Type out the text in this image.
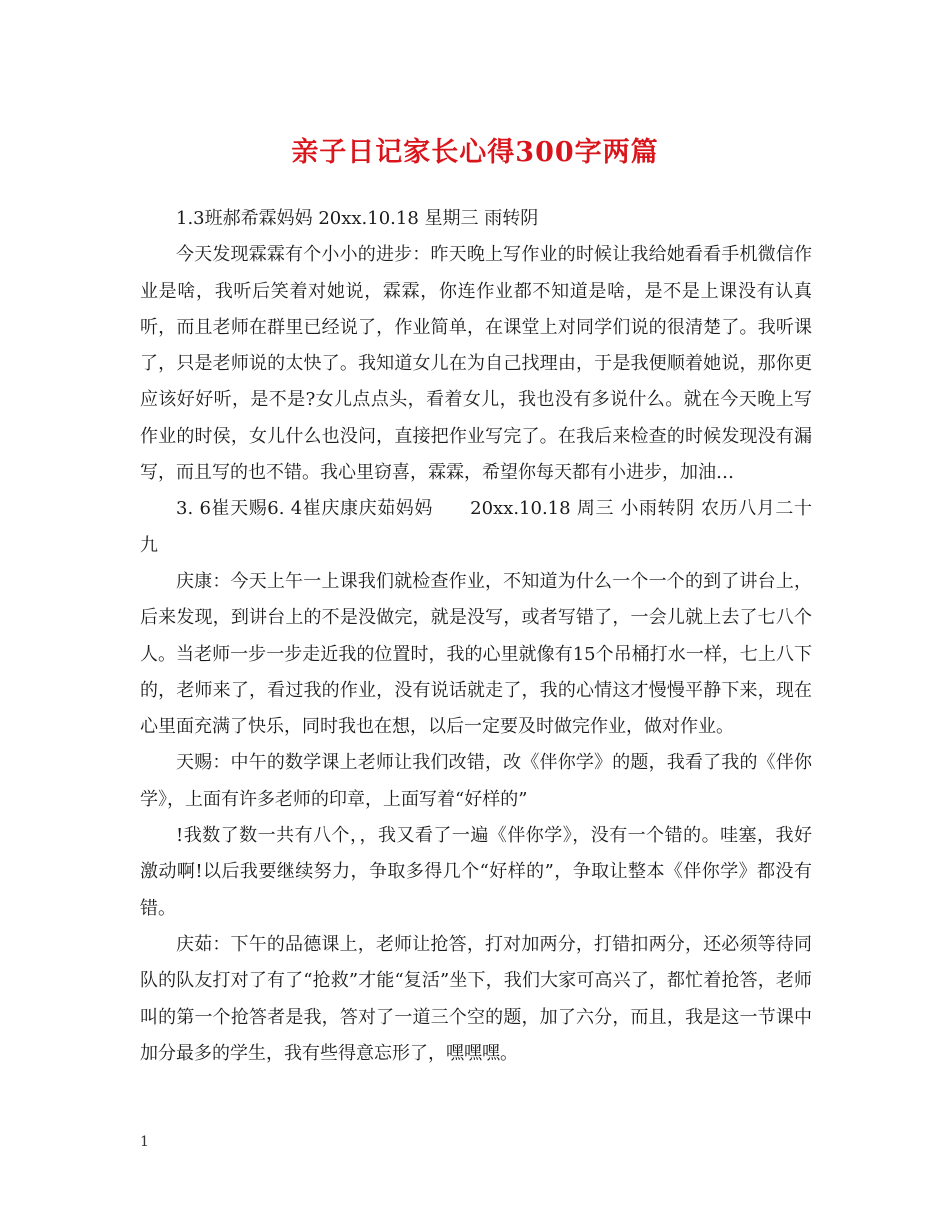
亲子日记家长心得300字两篇

1.3班郝希霖妈妈 20xx.10.18 星期三 雨转阴

今天发现霖霖有个小小的进步：昨天晚上写作业的时候让我给她看看手机微信作业是啥，我听后笑着对她说，霖霖，你连作业都不知道是啥，是不是上课没有认真听，而且老师在群里已经说了，作业简单，在课堂上对同学们说的很清楚了。我听课了，只是老师说的太快了。我知道女儿在为自己找理由，于是我便顺着她说，那你更应该好好听，是不是?女儿点点头，看着女儿，我也没有多说什么。就在今天晚上写作业的时侯，女儿什么也没问，直接把作业写完了。在我后来检查的时候发现没有漏写，而且写的也不错。我心里窃喜，霖霖，希望你每天都有小进步，加油…

3. 6崔天赐6. 4崔庆康庆茹妈妈　　20xx.10.18 周三 小雨转阴 农历八月二十九

庆康：今天上午一上课我们就检查作业，不知道为什么一个一个的到了讲台上，后来发现，到讲台上的不是没做完，就是没写，或者写错了，一会儿就上去了七八个人。当老师一步一步走近我的位置时，我的心里就像有15个吊桶打水一样，七上八下的，老师来了，看过我的作业，没有说话就走了，我的心情这才慢慢平静下来，现在心里面充满了快乐，同时我也在想，以后一定要及时做完作业，做对作业。

天赐：中午的数学课上老师让我们改错，改《伴你学》的题，我看了我的《伴你学》，上面有许多老师的印章，上面写着“好样的”

!我数了数一共有八个，，我又看了一遍《伴你学》，没有一个错的。哇塞，我好激动啊!以后我要继续努力，争取多得几个“好样的”，争取让整本《伴你学》都没有错。

庆茹：下午的品德课上，老师让抢答，打对加两分，打错扣两分，还必须等待同队的队友打对了有了“抢救”才能“复活”坐下，我们大家可高兴了，都忙着抢答，老师叫的第一个抢答者是我，答对了一道三个空的题，加了六分，而且，我是这一节课中加分最多的学生，我有些得意忘形了，嘿嘿嘿。

1
